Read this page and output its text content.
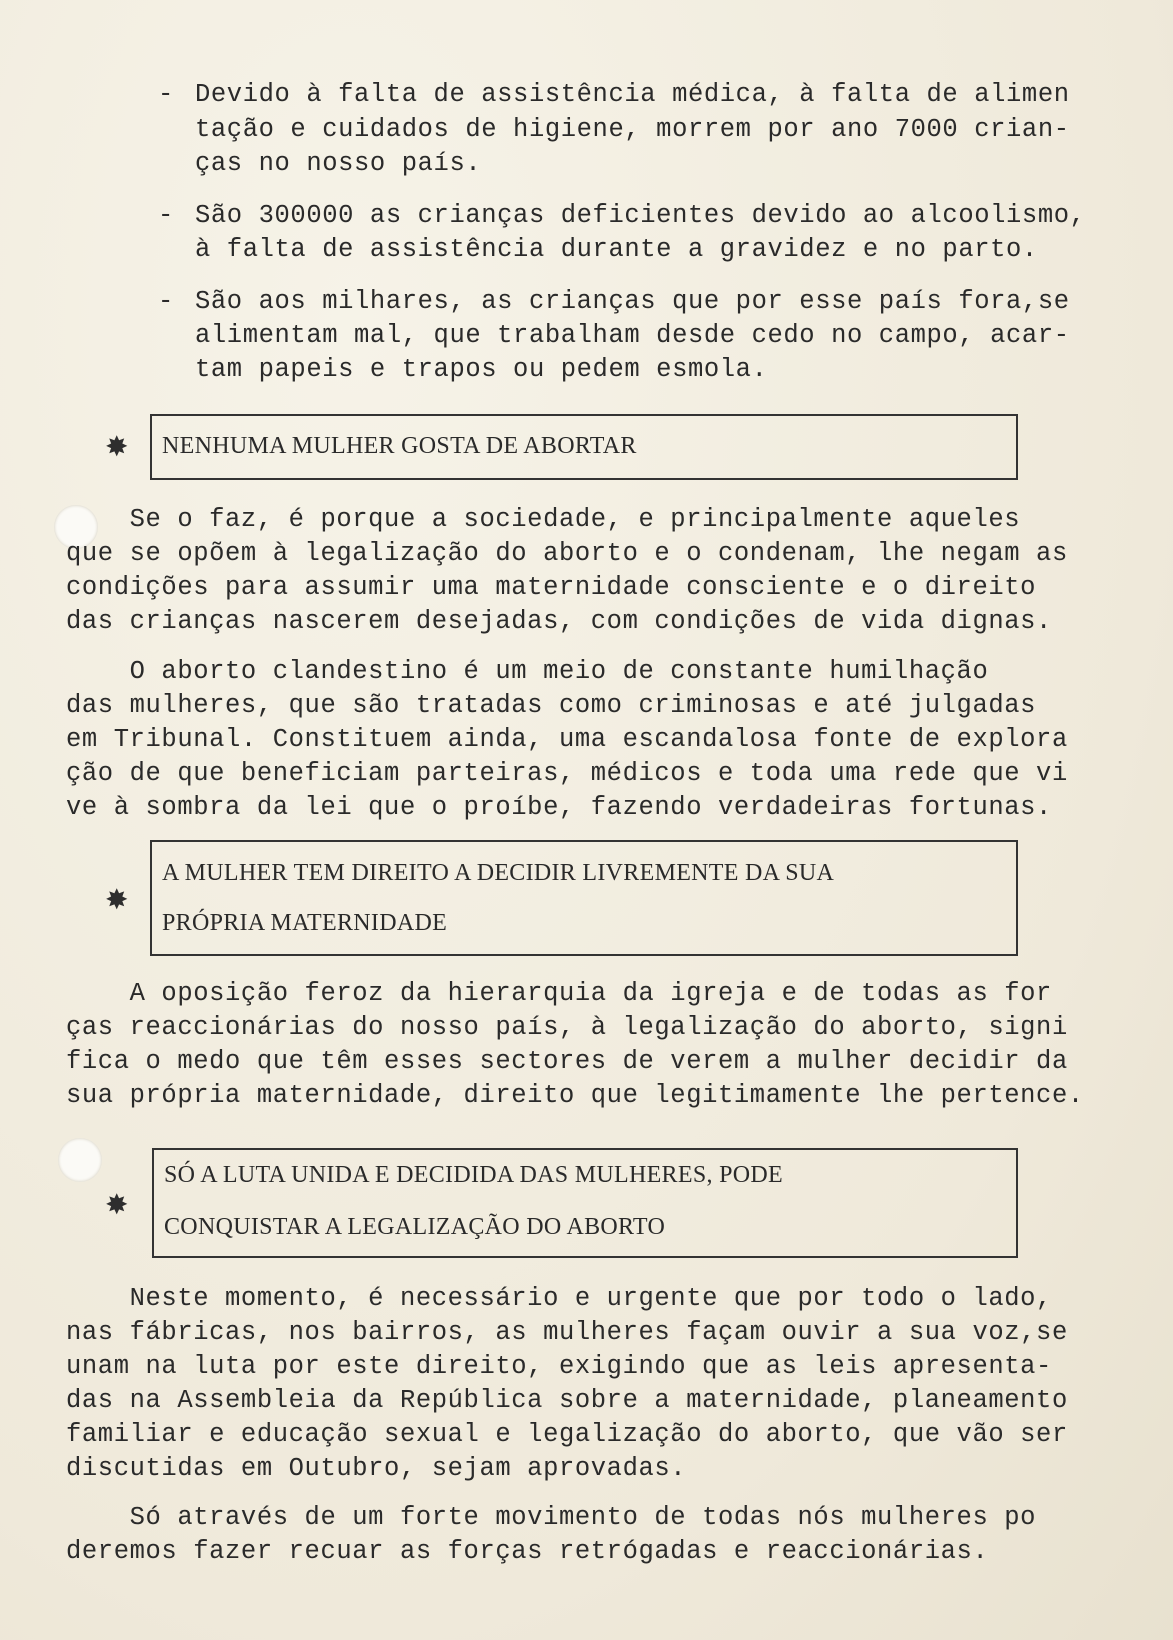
- Devido à falta de assistência médica, à falta de alimen
tação e cuidados de higiene, morrem por ano 7000 crian-
ças no nosso país.
- São 300000 as crianças deficientes devido ao alcoolismo,
à falta de assistência durante a gravidez e no parto.
- São aos milhares, as crianças que por esse país fora,se
alimentam mal, que trabalham desde cedo no campo, acar-
tam papeis e trapos ou pedem esmola.
✸ NENHUMA MULHER GOSTA DE ABORTAR
Se o faz, é porque a sociedade, e principalmente aqueles
que se opõem à legalização do aborto e o condenam, lhe negam as
condições para assumir uma maternidade consciente e o direito
das crianças nascerem desejadas, com condições de vida dignas.
O aborto clandestino é um meio de constante humilhação
das mulheres, que são tratadas como criminosas e até julgadas
em Tribunal. Constituem ainda, uma escandalosa fonte de explora
ção de que beneficiam parteiras, médicos e toda uma rede que vi
ve à sombra da lei que o proíbe, fazendo verdadeiras fortunas.
✸
A MULHER TEM DIREITO A DECIDIR LIVREMENTE DA SUA
PRÓPRIA MATERNIDADE
A oposição feroz da hierarquia da igreja e de todas as for
ças reaccionárias do nosso país, à legalização do aborto, signi
fica o medo que têm esses sectores de verem a mulher decidir da
sua própria maternidade, direito que legitimamente lhe pertence.
✸
SÓ A LUTA UNIDA E DECIDIDA DAS MULHERES, PODE
CONQUISTAR A LEGALIZAÇÃO DO ABORTO
Neste momento, é necessário e urgente que por todo o lado,
nas fábricas, nos bairros, as mulheres façam ouvir a sua voz,se
unam na luta por este direito, exigindo que as leis apresenta-
das na Assembleia da República sobre a maternidade, planeamento
familiar e educação sexual e legalização do aborto, que vão ser
discutidas em Outubro, sejam aprovadas.
Só através de um forte movimento de todas nós mulheres po
deremos fazer recuar as forças retrógadas e reaccionárias.
